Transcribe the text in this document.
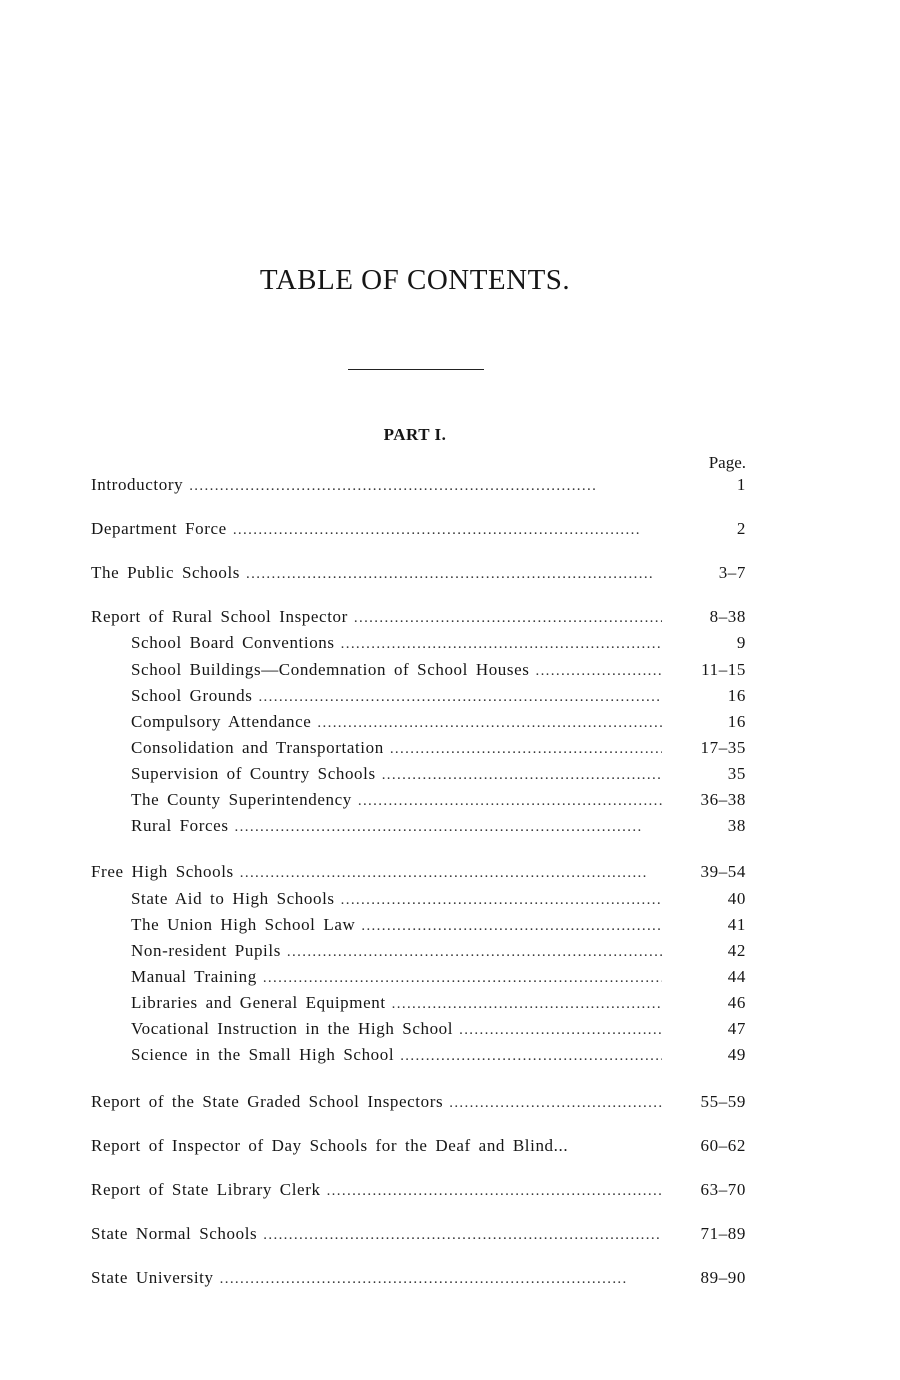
TABLE OF CONTENTS.
PART I.
Page.
Introductory . . .	1
Department Force . . .	2
The Public Schools . . .	3–7
Report of Rural School Inspector . . .	8–38
School Board Conventions . . .	9
School Buildings—Condemnation of School Houses . . .	11–15
School Grounds . . .	16
Compulsory Attendance . . .	16
Consolidation and Transportation . . .	17–35
Supervision of Country Schools . . .	35
The County Superintendency . . .	36–38
Rural Forces . . .	38
Free High Schools . . .	39–54
State Aid to High Schools . . .	40
The Union High School Law . . .	41
Non-resident Pupils . . .	42
Manual Training . . .	44
Libraries and General Equipment . . .	46
Vocational Instruction in the High School . . .	47
Science in the Small High School . . .	49
Report of the State Graded School Inspectors . . .	55–59
Report of Inspector of Day Schools for the Deaf and Blind...	60–62
Report of State Library Clerk . . .	63–70
State Normal Schools . . .	71–89
State University . . .	89–90
